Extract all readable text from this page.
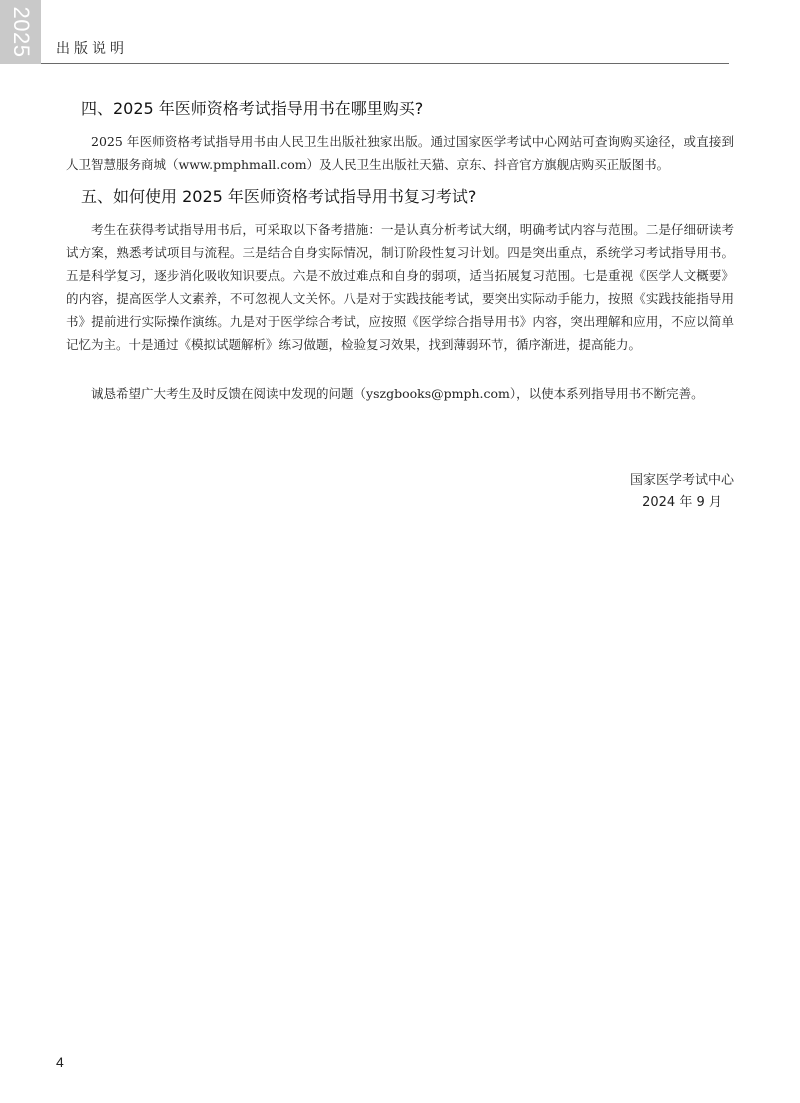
2025 出版说明
四、2025 年医师资格考试指导用书在哪里购买?

2025 年医师资格考试指导用书由人民卫生出版社独家出版。通过国家医学考试中心网站可查询购买途径，或直接到人卫智慧服务商城（www.pmphmall.com）及人民卫生出版社天猫、京东、抖音官方旗舰店购买正版图书。

五、如何使用 2025 年医师资格考试指导用书复习考试?

考生在获得考试指导用书后，可采取以下备考措施：一是认真分析考试大纲，明确考试内容与范围。二是仔细研读考试方案，熟悉考试项目与流程。三是结合自身实际情况，制订阶段性复习计划。四是突出重点，系统学习考试指导用书。五是科学复习，逐步消化吸收知识要点。六是不放过难点和自身的弱项，适当拓展复习范围。七是重视《医学人文概要》的内容，提高医学人文素养，不可忽视人文关怀。八是对于实践技能考试，要突出实际动手能力，按照《实践技能指导用书》提前进行实际操作演练。九是对于医学综合考试，应按照《医学综合指导用书》内容，突出理解和应用，不应以简单记忆为主。十是通过《模拟试题解析》练习做题，检验复习效果，找到薄弱环节，循序渐进，提高能力。

诚恳希望广大考生及时反馈在阅读中发现的问题（yszgbooks@pmph.com），以使本系列指导用书不断完善。

国家医学考试中心
2024 年 9 月
4
